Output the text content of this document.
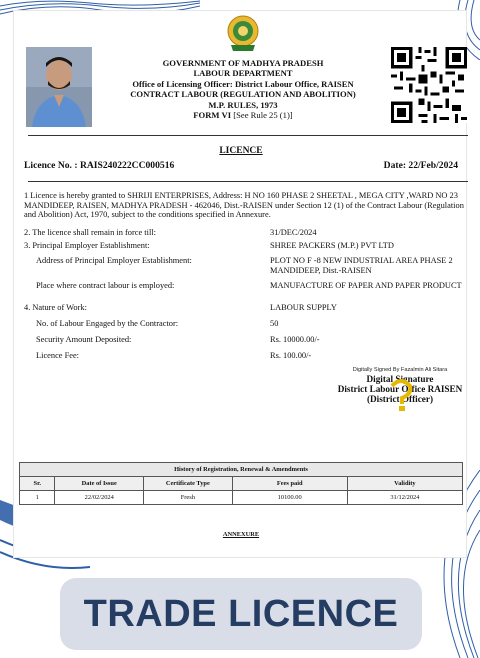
GOVERNMENT OF MADHYA PRADESH
LABOUR DEPARTMENT
Office of Licensing Officer: District Labour Office, RAISEN
CONTRACT LABOUR (REGULATION AND ABOLITION)
M.P. RULES, 1973
FORM VI [See Rule 25 (1)]
LICENCE
Licence No. : RAIS240222CC000516	Date: 22/Feb/2024
1 Licence is hereby granted to SHRIJI ENTERPRISES, Address: H NO 160 PHASE 2 SHEETAL , MEGA CITY ,WARD NO 23 MANDIDEEP, RAISEN, MADHYA PRADESH - 462046, Dist.-RAISEN under Section 12 (1) of the Contract Labour (Regulation and Abolition) Act, 1970, subject to the conditions specified in Annexure.
2. The licence shall remain in force till:	31/DEC/2024
3. Principal Employer Establishment:	SHREE PACKERS (M.P.) PVT LTD
Address of Principal Employer Establishment:	PLOT NO F -8 NEW INDUSTRIAL AREA PHASE 2 MANDIDEEP, Dist.-RAISEN
Place where contract labour is employed:	MANUFACTURE OF PAPER AND PAPER PRODUCT
4. Nature of Work:	LABOUR SUPPLY
No. of Labour Engaged by the Contractor:	50
Security Amount Deposited:	Rs. 10000.00/-
Licence Fee:	Rs. 100.00/-
Digitally Signed By Fazalmin Ali Sitara
Digital Signature
District Labour Office RAISEN
(District Officer)
History of Registration, Renewal & Amendments				
Sr.	Date of Issue	Certificate Type	Fees paid	Validity
1	22/02/2024	Fresh	10100.00	31/12/2024
ANNEXURE
TRADE LICENCE
